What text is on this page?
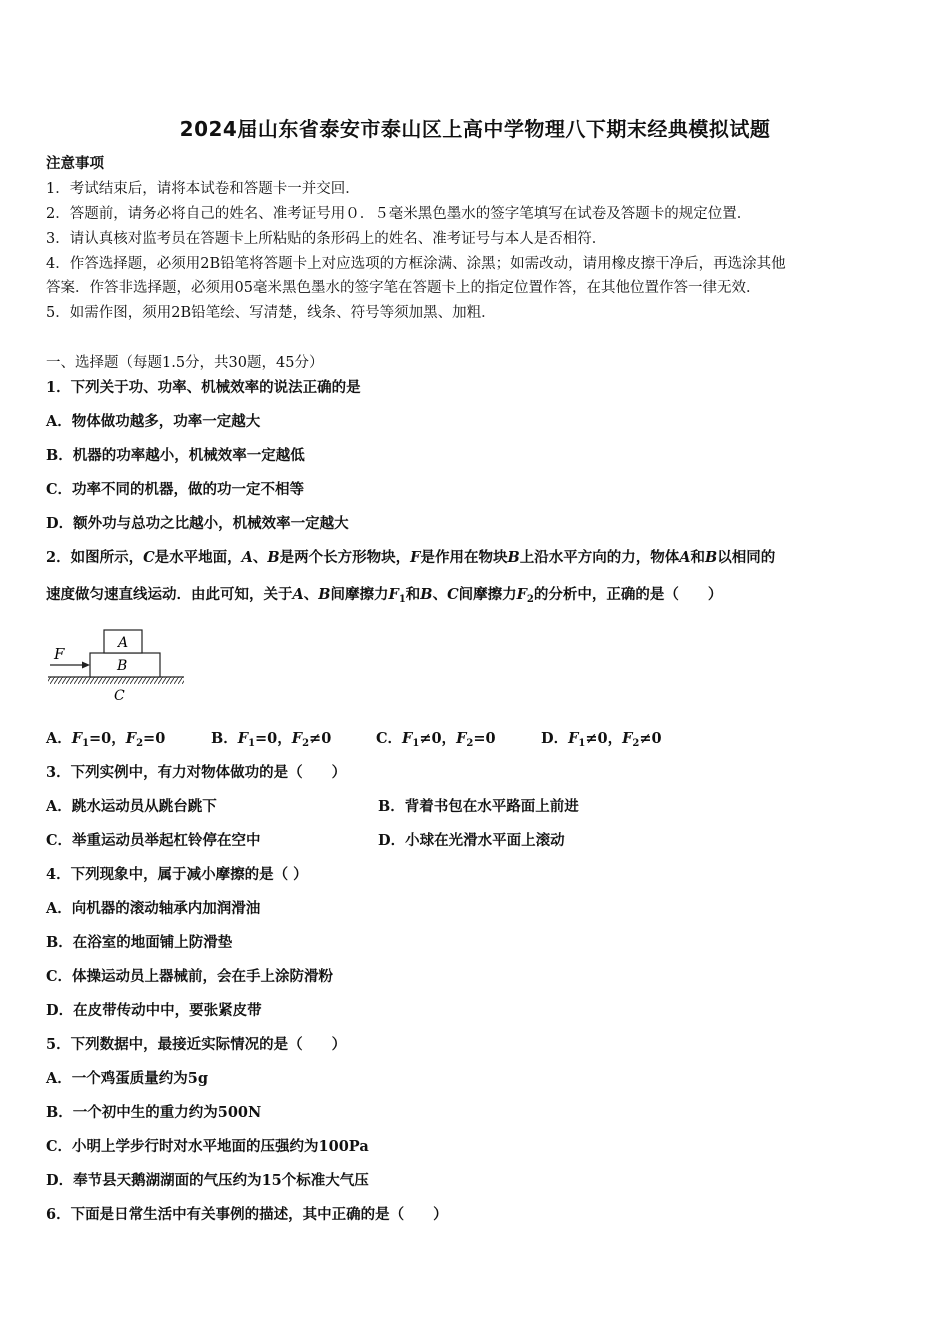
2024届山东省泰安市泰山区上高中学物理八下期末经典模拟试题
注意事项
1．考试结束后，请将本试卷和答题卡一并交回．
2．答题前，请务必将自己的姓名、准考证号用０．５毫米黑色墨水的签字笔填写在试卷及答题卡的规定位置．
3．请认真核对监考员在答题卡上所粘贴的条形码上的姓名、准考证号与本人是否相符．
4．作答选择题，必须用2B铅笔将答题卡上对应选项的方框涂满、涂黑；如需改动，请用橡皮擦干净后，再选涂其他
答案．作答非选择题，必须用05毫米黑色墨水的签字笔在答题卡上的指定位置作答，在其他位置作答一律无效．
5．如需作图，须用2B铅笔绘、写清楚，线条、符号等须加黑、加粗．
一、选择题（每题1.5分，共30题，45分）
1．下列关于功、功率、机械效率的说法正确的是
A．物体做功越多，功率一定越大
B．机器的功率越小，机械效率一定越低
C．功率不同的机器，做的功一定不相等
D．额外功与总功之比越小，机械效率一定越大
2．如图所示，C是水平地面，A、B是两个长方形物块，F是作用在物块B上沿水平方向的力，物体A和B以相同的
速度做匀速直线运动．由此可知，关于A、B间摩擦力$F_1$和B、C间摩擦力$F_2$的分析中，正确的是（　　）
F
A
B
C
A．$F_1=0$，$F_2=0$	B．$F_1=0$，$F_2\ne 0$	C．$F_1\ne 0$，$F_2=0$	D．$F_1\ne 0$，$F_2\ne 0$
3．下列实例中，有力对物体做功的是（　　）
A．跳水运动员从跳台跳下	B．背着书包在水平路面上前进
C．举重运动员举起杠铃停在空中	D．小球在光滑水平面上滚动
4．下列现象中，属于减小摩擦的是（ ）
A．向机器的滚动轴承内加润滑油
B．在浴室的地面铺上防滑垫
C．体操运动员上器械前，会在手上涂防滑粉
D．在皮带传动中中，要张紧皮带
5．下列数据中，最接近实际情况的是（　　）
A．一个鸡蛋质量约为5g
B．一个初中生的重力约为500N
C．小明上学步行时对水平地面的压强约为100Pa
D．奉节县天鹅湖湖面的气压约为15个标准大气压
6．下面是日常生活中有关事例的描述，其中正确的是（　　）
